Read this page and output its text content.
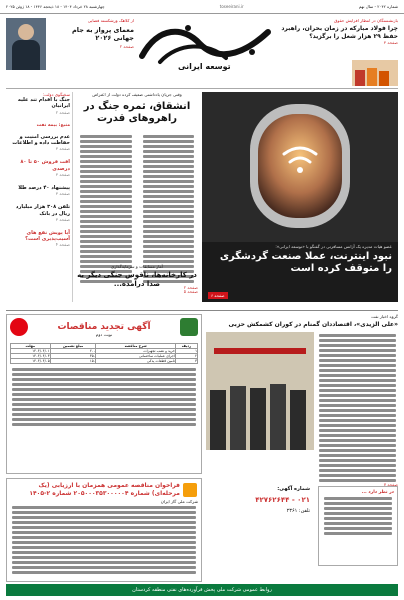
شماره ۲۰۴۲ - سال نهم
toseeirani.ir
چهارشنبه ۲۸ خرداد ۱۴۰۴ - ۱۸ ذیحجه ۱۴۴۶ - ۱۸ ژوئن ۲۰۲۵
توسعه ایرانی
بازنشستگان در انتظار افزایش حقوق
چرا فولاد مبارکه در زمان بحران، راهبرد حفظ ۲۹ هزار شغل را برگزید؟
صفحه ۳
از کلاهک ورشکسته فضایی
معمای پرواز به جام جهانی ۲۰۲۶
صفحه ۲
سخنگوی دولت:
جنگ با اقدام تند علیه ایرانیان
صفحه ۲
منبع: بیمه نفت
عدم بررسی امنیت و حفاظت داده و اطلاعات
صفحه ۳
افت فروش ۵۰ تا ۸۰ درصدی
صفحه ۳
پیشنهاد ۴۰ درصد طلا
صفحه ۳
تلفن ۳۰۸ هزار میلیارد ریال در بانک
صفحه ۳
آیا پویش نفع های آسیب‌پذیری است؟
صفحه ۴
وقتی جریان یادداشتی ضعیف کرده دولت از اعتراض
انشقاق، ثمره جنگ در راهروهای قدرت
صفحه ۲
عضو هیات مدیره یک آژانس مسافرتی در گفتگو با «توسعه ایرانی»:
نبود اینترنت، عملا صنعت گردشگری را متوقف کرده است
صفحه ۶
آمار مسابقات و سرمایه‌گذاری
در کارخانه‌ها، ناقوس جنگی دیگر به صدا درآمده...
صفحه ۵
آگهی تجدید مناقصات
نوبت دوم
ردیف	شرح مناقصه	مبلغ تضمین	مهلت
۱	خرید و نصب تجهیزات	۲۰۰	۱۴۰۴/۰۴/۰۱
۲	اجرای عملیات ساختمانی	۳۵۰	۱۴۰۴/۰۴/۰۳
۳	تامین قطعات یدکی	۱۵۰	۱۴۰۴/۰۴/۰۵
گروه اخبار نفت
«علی الزیدی»، اقتصاددان گمنام در کوران کشمکش حزبی
صفحه ۷
فراخوان مناقصه عمومی همزمان با ارزیابی (یک مرحله‌ای) شماره ۲۰۵۰۰۰۳۵۳۰۰۰۰۰۴ شماره ۲-۱۴۰۵
شرکت ملی گاز ایران
در نظر دارد ...
شماره آگهی:
۰۲۱ - ۴۲۷۶۲۶۴۴
تلفن: ۲۳۶۱
روابط عمومی شرکت ملی پخش فرآورده‌های نفتی منطقه کردستان
